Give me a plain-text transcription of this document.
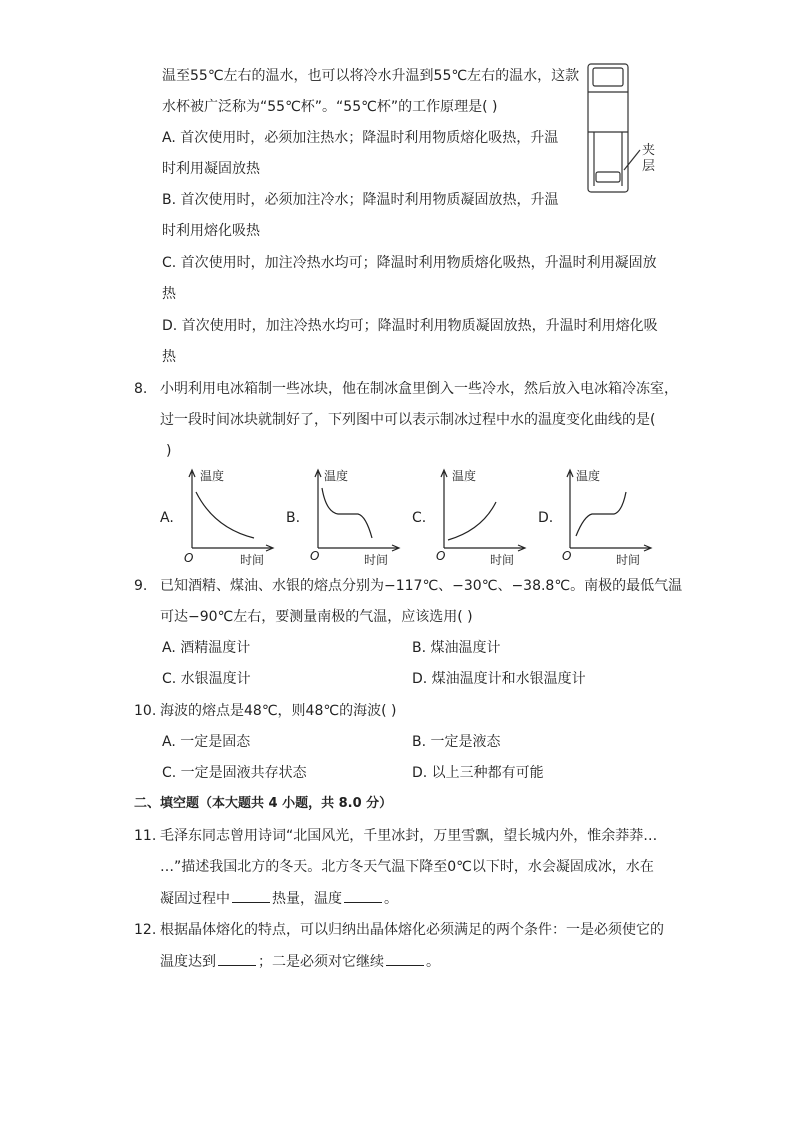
温至55℃左右的温水，也可以将冷水升温到55℃左右的温水，这款
水杯被广泛称为“55℃杯”。“55℃杯”的工作原理是( )
A. 首次使用时，必须加注热水；降温时利用物质熔化吸热，升温
时利用凝固放热
B. 首次使用时，必须加注冷水；降温时利用物质凝固放热，升温
时利用熔化吸热
C. 首次使用时，加注冷热水均可；降温时利用物质熔化吸热，升温时利用凝固放
热
D. 首次使用时，加注冷热水均可；降温时利用物质凝固放热，升温时利用熔化吸
热
夹
层
8. 小明利用电冰箱制一些冰块，他在制冰盒里倒入一些冷水，然后放入电冰箱冷冻室，
过一段时间冰块就制好了，下列图中可以表示制冰过程中水的温度变化曲线的是(
)
A.
温度
时间
O
B.
温度
时间
O
C.
温度
时间
O
D.
温度
时间
O
9. 已知酒精、煤油、水银的熔点分别为−117℃、−30℃、−38.8℃。南极的最低气温
可达−90℃左右，要测量南极的气温，应该选用( )
A. 酒精温度计	B. 煤油温度计
C. 水银温度计	D. 煤油温度计和水银温度计
10. 海波的熔点是48℃，则48℃的海波( )
A. 一定是固态	B. 一定是液态
C. 一定是固液共存状态	D. 以上三种都有可能
二、填空题（本大题共 4 小题，共 8.0 分）
11. 毛泽东同志曾用诗词“北国风光，千里冰封，万里雪飘，望长城内外，惟余莽莽…
…”描述我国北方的冬天。北方冬天气温下降至0℃以下时，水会凝固成冰，水在
凝固过程中	热量，温度	。
12. 根据晶体熔化的特点，可以归纳出晶体熔化必须满足的两个条件：一是必须使它的
温度达到	；二是必须对它继续	。
